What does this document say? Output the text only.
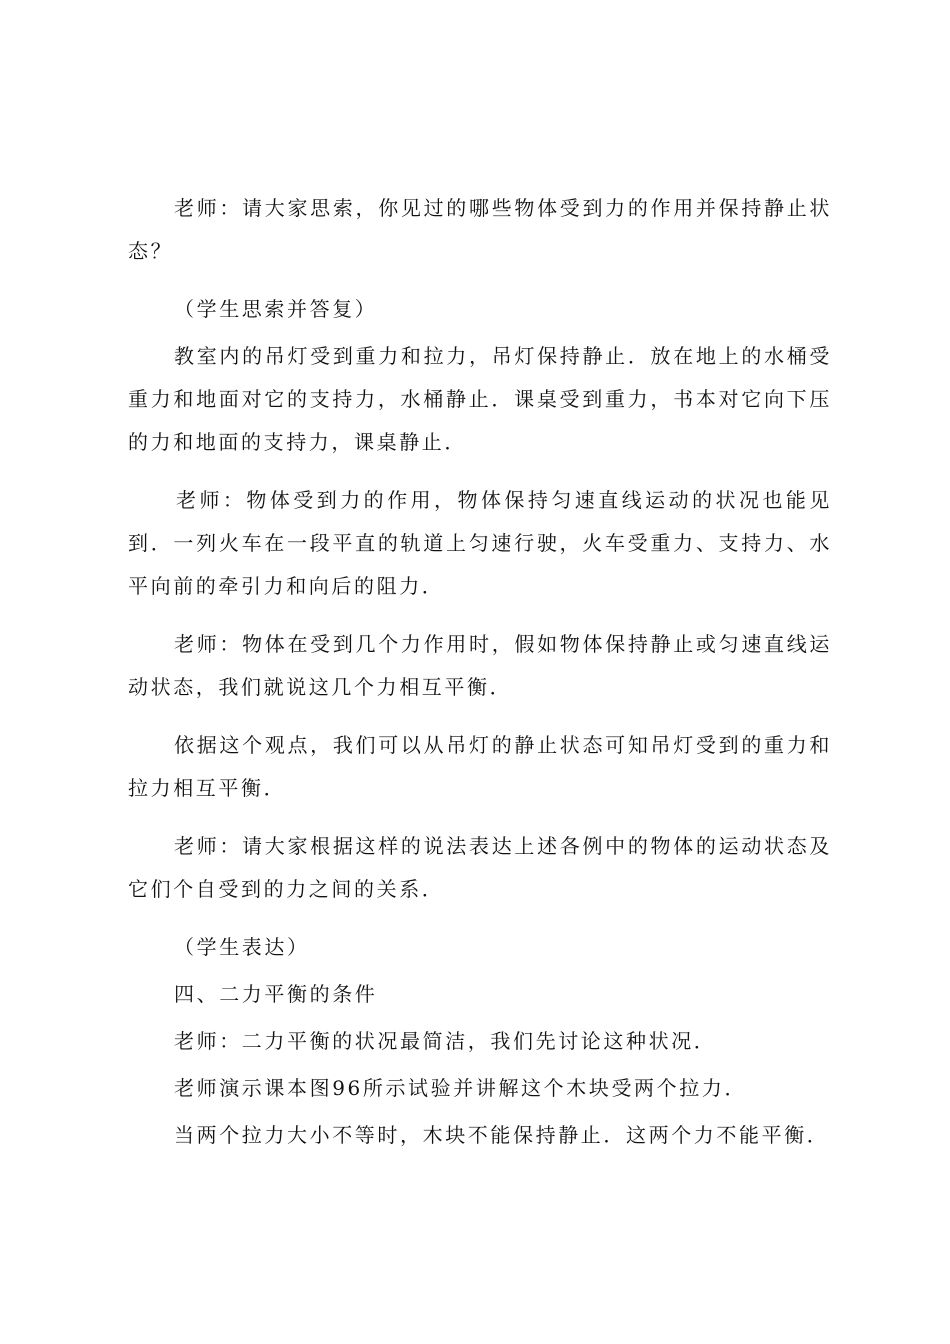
老师：请大家思索，你见过的哪些物体受到力的作用并保持静止状态？

（学生思索并答复）

教室内的吊灯受到重力和拉力，吊灯保持静止．放在地上的水桶受重力和地面对它的支持力，水桶静止．课桌受到重力，书本对它向下压的力和地面的支持力，课桌静止．

老师：物体受到力的作用，物体保持匀速直线运动的状况也能见到．一列火车在一段平直的轨道上匀速行驶，火车受重力、支持力、水平向前的牵引力和向后的阻力．

老师：物体在受到几个力作用时，假如物体保持静止或匀速直线运动状态，我们就说这几个力相互平衡．

依据这个观点，我们可以从吊灯的静止状态可知吊灯受到的重力和拉力相互平衡．

老师：请大家根据这样的说法表达上述各例中的物体的运动状态及它们个自受到的力之间的关系．

（学生表达）

四、二力平衡的条件

老师：二力平衡的状况最简洁，我们先讨论这种状况．

老师演示课本图96所示试验并讲解这个木块受两个拉力．

当两个拉力大小不等时，木块不能保持静止．这两个力不能平衡．
